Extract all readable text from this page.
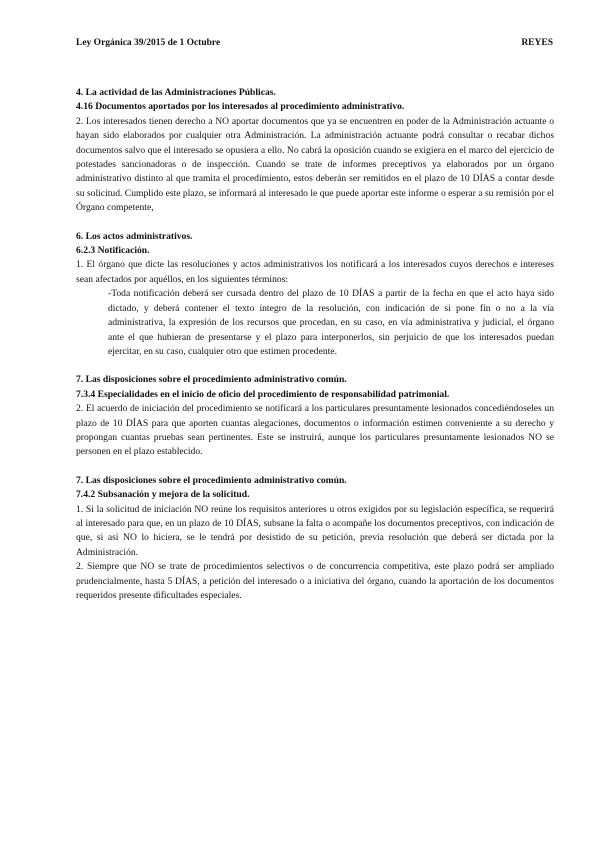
Ley Orgánica 39/2015 de 1 Octubre	REYES

4. La actividad de las Administraciones Públicas.

4.16 Documentos aportados por los interesados al procedimiento administrativo.

2. Los interesados tienen derecho a NO aportar documentos que ya se encuentren en poder de la Administración actuante o hayan sido elaborados por cualquier otra Administración. La administración actuante podrá consultar o recabar dichos documentos salvo que el interesado se opusiera a ello. No cabrá la oposición cuando se exigiera en el marco del ejercicio de potestades sancionadoras o de inspección. Cuando se trate de informes preceptivos ya elaborados por un órgano administrativo distinto al que tramita el procedimiento, estos deberán ser remitidos en el plazo de 10 DÍAS a contar desde su solicitud. Cumplido este plazo, se informará al interesado le que puede aportar este informe o esperar a su remisión por el Órgano competente,

6. Los actos administrativos.

6.2.3 Notificación.

1. El órgano que dicte las resoluciones y actos administrativos los notificará a los interesados cuyos derechos e intereses sean afectados por aquéllos, en los siguientes términos:

-Toda notificación deberá ser cursada dentro del plazo de 10 DÍAS a partir de la fecha en que el acto haya sido dictado, y deberá contener el texto íntegro de la resolución, con indicación de si pone fin o no a la vía administrativa, la expresión de los recursos que procedan, en su caso, en vía administrativa y judicial, el órgano ante el que hubieran de presentarse y el plazo para interponerlos, sin perjuicio de que los interesados puedan ejercitar, en su caso, cualquier otro que estimen procedente.

7. Las disposiciones sobre el procedimiento administrativo común.

7.3.4 Especialidades en el inicio de oficio del procedimiento de responsabilidad patrimonial.

2. El acuerdo de iniciación del procedimiento se notificará a los particulares presuntamente lesionados concediéndoseles un plazo de 10 DÍAS para que aporten cuantas alegaciones, documentos o información estimen conveniente a su derecho y propongan cuantas pruebas sean pertinentes. Este se instruirá, aunque los particulares presuntamente lesionados NO se personen en el plazo establecido.

7. Las disposiciones sobre el procedimiento administrativo común.

7.4.2 Subsanación y mejora de la solicitud.

1. Si la solicitud de iniciación NO reúne los requisitos anteriores u otros exigidos por su legislación específica, se requerirá al interesado para que, en un plazo de 10 DÍAS, subsane la falta o acompañe los documentos preceptivos, con indicación de que, si así NO lo hiciera, se le tendrá por desistido de su petición, previa resolución que deberá ser dictada por la Administración.

2. Siempre que NO se trate de procedimientos selectivos o de concurrencia competitiva, este plazo podrá ser ampliado prudencialmente, hasta 5 DÍAS, a petición del interesado o a iniciativa del órgano, cuando la aportación de los documentos requeridos presente dificultades especiales.
